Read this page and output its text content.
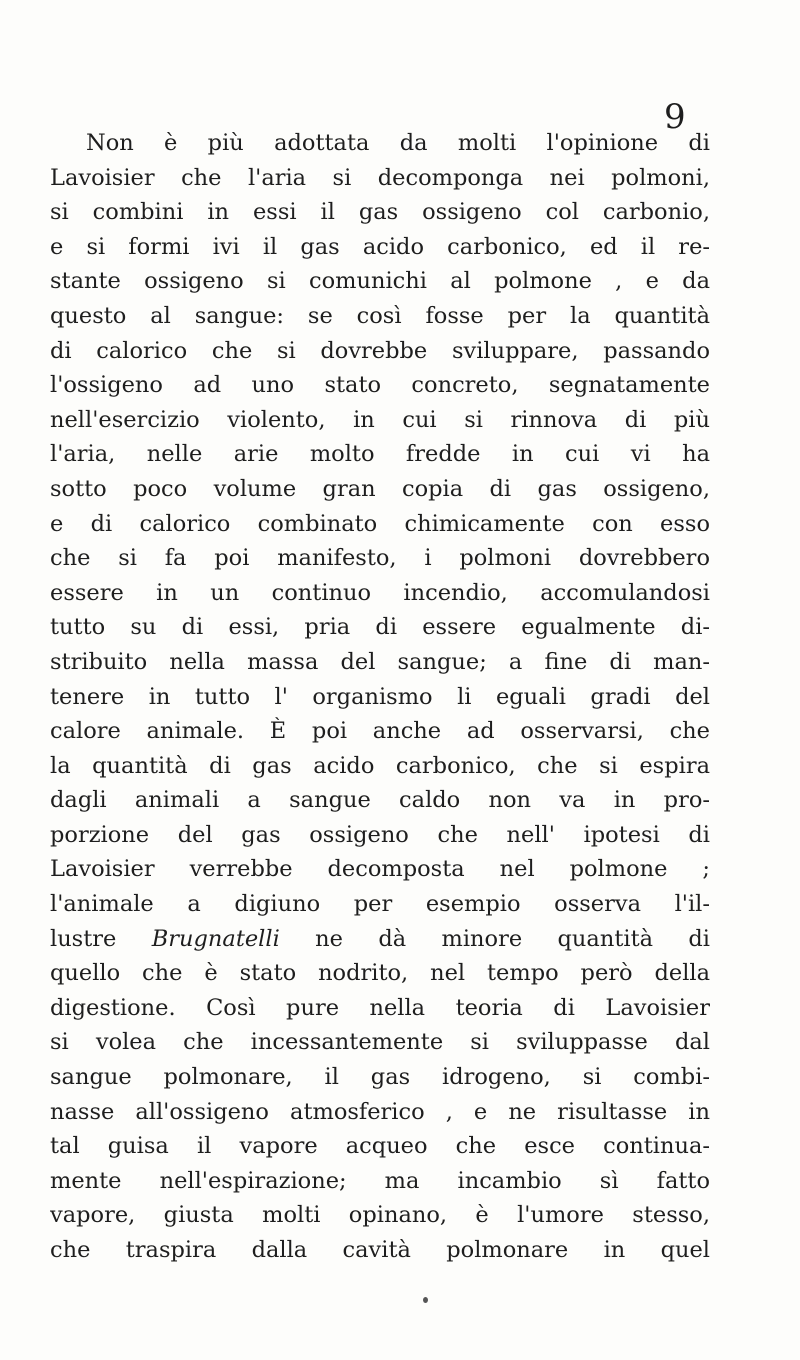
9
Non è più adottata da molti l'opinione di
Lavoisier che l'aria si decomponga nei polmoni,
si combini in essi il gas ossigeno col carbonio,
e si formi ivi il gas acido carbonico, ed il re-
stante ossigeno si comunichi al polmone , e da
questo al sangue: se così fosse per la quantità
di calorico che si dovrebbe sviluppare, passando
l'ossigeno ad uno stato concreto, segnatamente
nell'esercizio violento, in cui si rinnova di più
l'aria, nelle arie molto fredde in cui vi ha
sotto poco volume gran copia di gas ossigeno,
e di calorico combinato chimicamente con esso
che si fa poi manifesto, i polmoni dovrebbero
essere in un continuo incendio, accomulandosi
tutto su di essi, pria di essere egualmente di-
stribuito nella massa del sangue; a fine di man-
tenere in tutto l' organismo li eguali gradi del
calore animale. È poi anche ad osservarsi, che
la quantità di gas acido carbonico, che si espira
dagli animali a sangue caldo non va in pro-
porzione del gas ossigeno che nell' ipotesi di
Lavoisier verrebbe decomposta nel polmone ;
l'animale a digiuno per esempio osserva l'il-
lustre Brugnatelli ne dà minore quantità di
quello che è stato nodrito, nel tempo però della
digestione. Così pure nella teoria di Lavoisier
si volea che incessantemente si sviluppasse dal
sangue polmonare, il gas idrogeno, si combi-
nasse all'ossigeno atmosferico , e ne risultasse in
tal guisa il vapore acqueo che esce continua-
mente nell'espirazione; ma incambio sì fatto
vapore, giusta molti opinano, è l'umore stesso,
che traspira dalla cavità polmonare in quel
